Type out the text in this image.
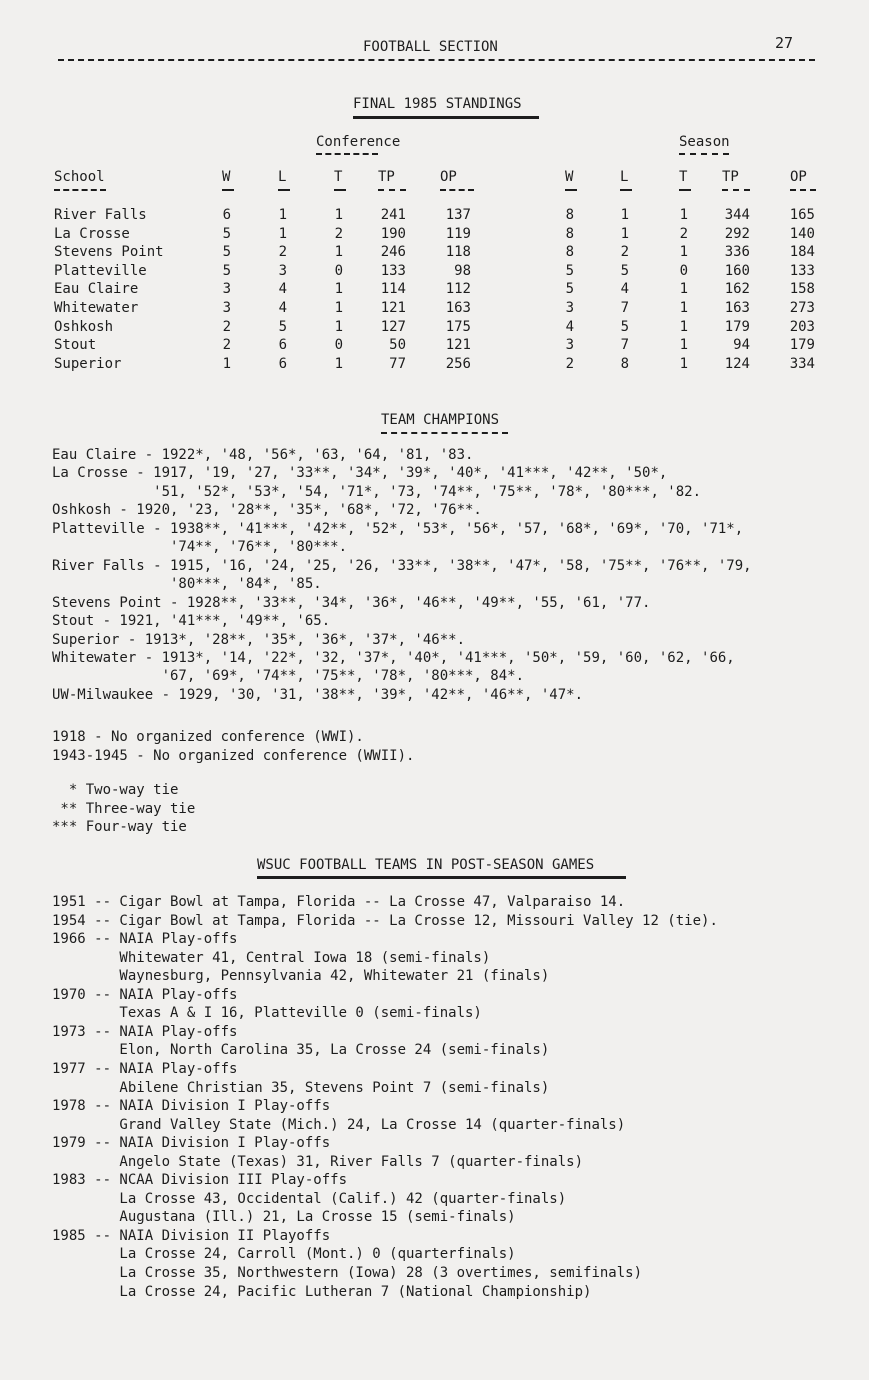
FOOTBALL SECTION	27
FINAL 1985 STANDINGS
Conference	Season
School	W	L	T	TP	OP	W	L	T TP	OP
River Falls	6	1	1	241	137	8	1	1	344	165
La Crosse	5	1	2	190	119	8	1	2	292	140
Stevens Point	5	2	1	246	118	8	2	1	336	184
Platteville	5	3	0	133	98	5	5	0	160	133
Eau Claire	3	4	1	114	112	5	4	1	162	158
Whitewater	3	4	1	121	163	3	7	1	163	273
Oshkosh	2	5	1	127	175	4	5	1	179	203
Stout	2	6	0	50	121	3	7	1	94	179
Superior	1	6	1	77	256	2	8	1	124	334
TEAM CHAMPIONS
Eau Claire - 1922*, '48, '56*, '63, '64, '81, '83.
La Crosse - 1917, '19, '27, '33**, '34*, '39*, '40*, '41***, '42**, '50*,
'51, '52*, '53*, '54, '71*, '73, '74**, '75**, '78*, '80***, '82.
Oshkosh - 1920, '23, '28**, '35*, '68*, '72, '76**.
Platteville - 1938**, '41***, '42**, '52*, '53*, '56*, '57, '68*, '69*, '70, '71*,
'74**, '76**, '80***.
River Falls - 1915, '16, '24, '25, '26, '33**, '38**, '47*, '58, '75**, '76**, '79,
'80***, '84*, '85.
Stevens Point - 1928**, '33**, '34*, '36*, '46**, '49**, '55, '61, '77.
Stout - 1921, '41***, '49**, '65.
Superior - 1913*, '28**, '35*, '36*, '37*, '46**.
Whitewater - 1913*, '14, '22*, '32, '37*, '40*, '41***, '50*, '59, '60, '62, '66,
'67, '69*, '74**, '75**, '78*, '80***, 84*.
UW-Milwaukee - 1929, '30, '31, '38**, '39*, '42**, '46**, '47*.
1918 - No organized conference (WWI).
1943-1945 - No organized conference (WWII).
* Two-way tie
** Three-way tie
*** Four-way tie
WSUC FOOTBALL TEAMS IN POST-SEASON GAMES
1951 -- Cigar Bowl at Tampa, Florida -- La Crosse 47, Valparaiso 14.
1954 -- Cigar Bowl at Tampa, Florida -- La Crosse 12, Missouri Valley 12 (tie).
1966 -- NAIA Play-offs
Whitewater 41, Central Iowa 18 (semi-finals)
Waynesburg, Pennsylvania 42, Whitewater 21 (finals)
1970 -- NAIA Play-offs
Texas A & I 16, Platteville 0 (semi-finals)
1973 -- NAIA Play-offs
Elon, North Carolina 35, La Crosse 24 (semi-finals)
1977 -- NAIA Play-offs
Abilene Christian 35, Stevens Point 7 (semi-finals)
1978 -- NAIA Division I Play-offs
Grand Valley State (Mich.) 24, La Crosse 14 (quarter-finals)
1979 -- NAIA Division I Play-offs
Angelo State (Texas) 31, River Falls 7 (quarter-finals)
1983 -- NCAA Division III Play-offs
La Crosse 43, Occidental (Calif.) 42 (quarter-finals)
Augustana (Ill.) 21, La Crosse 15 (semi-finals)
1985 -- NAIA Division II Playoffs
La Crosse 24, Carroll (Mont.) 0 (quarterfinals)
La Crosse 35, Northwestern (Iowa) 28 (3 overtimes, semifinals)
La Crosse 24, Pacific Lutheran 7 (National Championship)
